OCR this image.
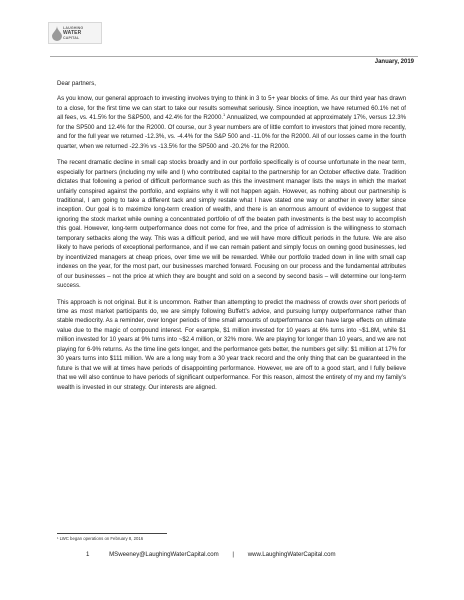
LAUGHING
WATER
CAPITAL
January, 2019

Dear partners,

As you know, our general approach to investing involves trying to think in 3 to 5+ year blocks of time. As our third year has drawn to a close, for the first time we can start to take our results somewhat seriously. Since inception, we have returned 60.1% net of all fees, vs. 41.5% for the S&P500, and 42.4% for the R2000.$^1$ Annualized, we compounded at approximately 17%, versus 12.3% for the SP500 and 12.4% for the R2000. Of course, our 3 year numbers are of little comfort to investors that joined more recently, and for the full year we returned -12.3%, vs. -4.4% for the S&P 500 and -11.0% for the R2000. All of our losses came in the fourth quarter, when we returned -22.3% vs -13.5% for the SP500 and -20.2% for the R2000.

The recent dramatic decline in small cap stocks broadly and in our portfolio specifically is of course unfortunate in the near term, especially for partners (including my wife and I) who contributed capital to the partnership for an October effective date. Tradition dictates that following a period of difficult performance such as this the investment manager lists the ways in which the market unfairly conspired against the portfolio, and explains why it will not happen again. However, as nothing about our partnership is traditional, I am going to take a different tack and simply restate what I have stated one way or another in every letter since inception. Our goal is to maximize long-term creation of wealth, and there is an enormous amount of evidence to suggest that ignoring the stock market while owning a concentrated portfolio of off the beaten path investments is the best way to accomplish this goal. However, long-term outperformance does not come for free, and the price of admission is the willingness to stomach temporary setbacks along the way. This was a difficult period, and we will have more difficult periods in the future. We are also likely to have periods of exceptional performance, and if we can remain patient and simply focus on owning good businesses, led by incentivized managers at cheap prices, over time we will be rewarded. While our portfolio traded down in line with small cap indexes on the year, for the most part, our businesses marched forward. Focusing on our process and the fundamental attributes of our businesses – not the price at which they are bought and sold on a second by second basis – will determine our long-term success.

This approach is not original. But it is uncommon. Rather than attempting to predict the madness of crowds over short periods of time as most market participants do, we are simply following Buffett’s advice, and pursuing lumpy outperformance rather than stable mediocrity. As a reminder, over longer periods of time small amounts of outperformance can have large effects on ultimate value due to the magic of compound interest. For example, $1 million invested for 10 years at 6% turns into ~$1.8M, while $1 million invested for 10 years at 9% turns into ~$2.4 million, or 32% more. We are playing for longer than 10 years, and we are not playing for 6-9% returns. As the time line gets longer, and the performance gets better, the numbers get silly: $1 million at 17% for 30 years turns into $111 million. We are a long way from a 30 year track record and the only thing that can be guaranteed in the future is that we will at times have periods of disappointing performance. However, we are off to a good start, and I fully believe that we will also continue to have periods of significant outperformance. For this reason, almost the entirety of my and my family’s wealth is invested in our strategy. Our interests are aligned.

¹ LWC began operations on February 8, 2016
1	MSweeney@LaughingWaterCapital.com | www.LaughingWaterCapital.com
